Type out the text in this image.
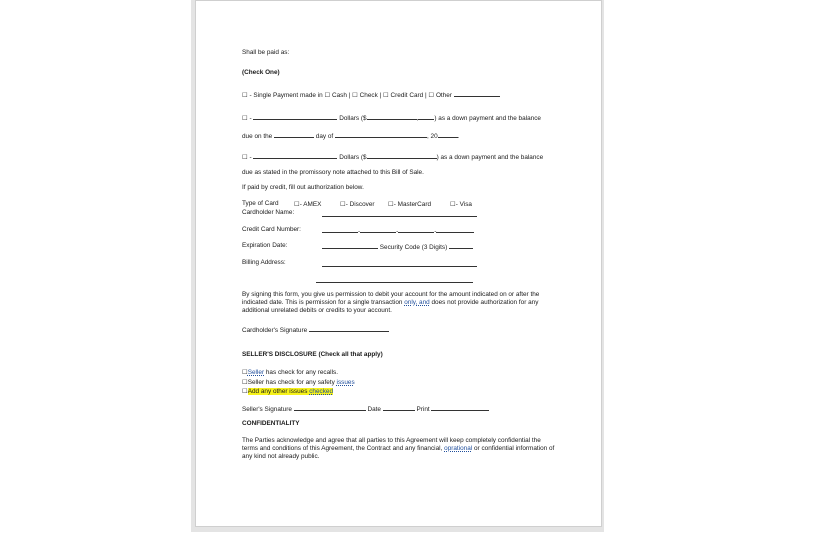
Shall be paid as:
(Check One)
☐ - Single Payment made in ☐ Cash | ☐ Check | ☐ Credit Card | ☐ Other
☐ -	Dollars ($	,	) as a down payment and the balance
due on the	day of	, 20	.
☐ -	Dollars ($	) as a down payment and the balance
due as stated in the promissory note attached to this Bill of Sale.
If paid by credit, fill out authorization below.
Type of Card ☐- AMEX	☐- Discover ☐- MasterCard	☐- Visa
Cardholder Name:
Credit Card Number:	-	-	-
Expiration Date:	Security Code (3 Digits)
Billing Address:
By signing this form, you give us permission to debit your account for the amount indicated on or after the indicated date. This is permission for a single transaction only, and does not provide authorization for any additional unrelated debits or credits to your account.
Cardholder's Signature
SELLER'S DISCLOSURE (Check all that apply)
☐Seller has check for any recalls.
☐Seller has check for any safety issues
☐Add any other issues checked
Seller's Signature	Date	Print
CONFIDENTIALITY
The Parties acknowledge and agree that all parties to this Agreement will keep completely confidential the terms and conditions of this Agreement, the Contract and any financial, oprational or confidential information of any kind not already public.
